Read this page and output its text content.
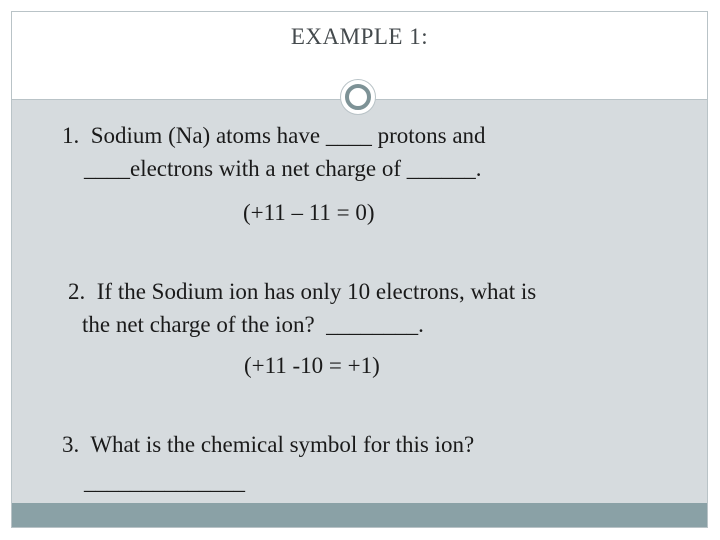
EXAMPLE 1:
1.  Sodium (Na) atoms have ____ protons and
____electrons with a net charge of ______.
(+11 – 11 = 0)
2.  If the Sodium ion has only 10 electrons, what is
the net charge of the ion?  ________.
(+11 -10 = +1)
3.  What is the chemical symbol for this ion?
______________
